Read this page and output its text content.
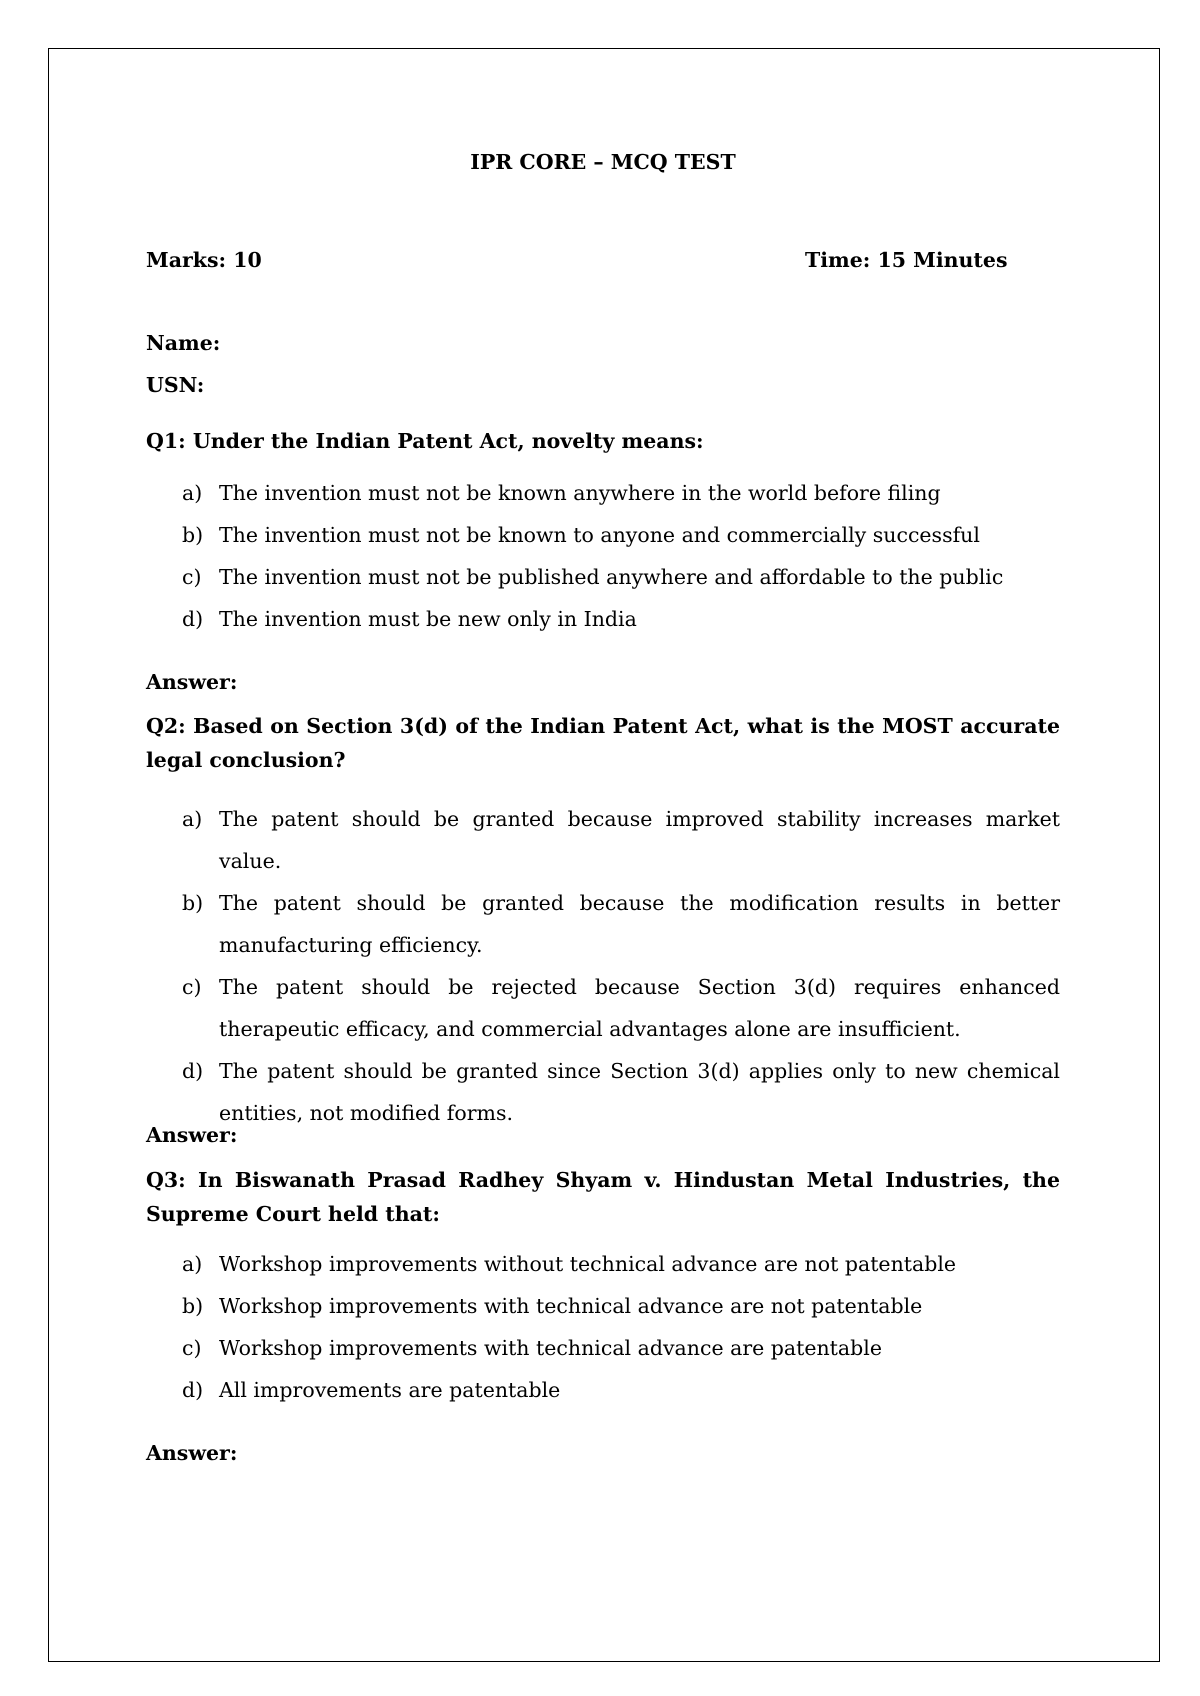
IPR CORE – MCQ TEST
Marks: 10	Time: 15 Minutes
Name:
USN:
Q1: Under the Indian Patent Act, novelty means:
a) The invention must not be known anywhere in the world before filing
b) The invention must not be known to anyone and commercially successful
c) The invention must not be published anywhere and affordable to the public
d) The invention must be new only in India
Answer:
Q2: Based on Section 3(d) of the Indian Patent Act, what is the MOST accurate legal conclusion?
a) The patent should be granted because improved stability increases market value.
b) The patent should be granted because the modification results in better manufacturing efficiency.
c) The patent should be rejected because Section 3(d) requires enhanced therapeutic efficacy, and commercial advantages alone are insufficient.
d) The patent should be granted since Section 3(d) applies only to new chemical entities, not modified forms.
Answer:
Q3: In Biswanath Prasad Radhey Shyam v. Hindustan Metal Industries, the Supreme Court held that:
a) Workshop improvements without technical advance are not patentable
b) Workshop improvements with technical advance are not patentable
c) Workshop improvements with technical advance are patentable
d) All improvements are patentable
Answer:
